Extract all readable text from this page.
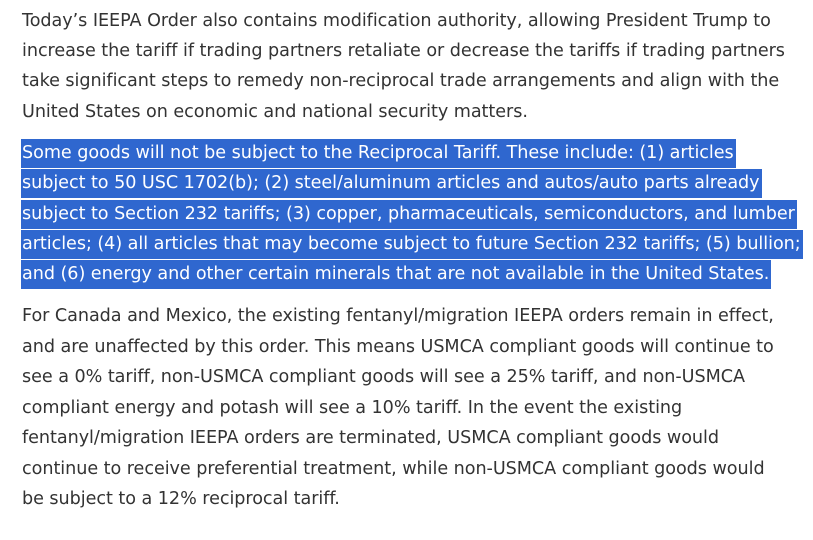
Today’s IEEPA Order also contains modification authority, allowing President Trump to
increase the tariff if trading partners retaliate or decrease the tariffs if trading partners
take significant steps to remedy non-reciprocal trade arrangements and align with the
United States on economic and national security matters.
Some goods will not be subject to the Reciprocal Tariff. These include: (1) articles
subject to 50 USC 1702(b); (2) steel/aluminum articles and autos/auto parts already
subject to Section 232 tariffs; (3) copper, pharmaceuticals, semiconductors, and lumber
articles; (4) all articles that may become subject to future Section 232 tariffs; (5) bullion;
and (6) energy and other certain minerals that are not available in the United States.
For Canada and Mexico, the existing fentanyl/migration IEEPA orders remain in effect,
and are unaffected by this order. This means USMCA compliant goods will continue to
see a 0% tariff, non-USMCA compliant goods will see a 25% tariff, and non-USMCA
compliant energy and potash will see a 10% tariff. In the event the existing
fentanyl/migration IEEPA orders are terminated, USMCA compliant goods would
continue to receive preferential treatment, while non-USMCA compliant goods would
be subject to a 12% reciprocal tariff.
